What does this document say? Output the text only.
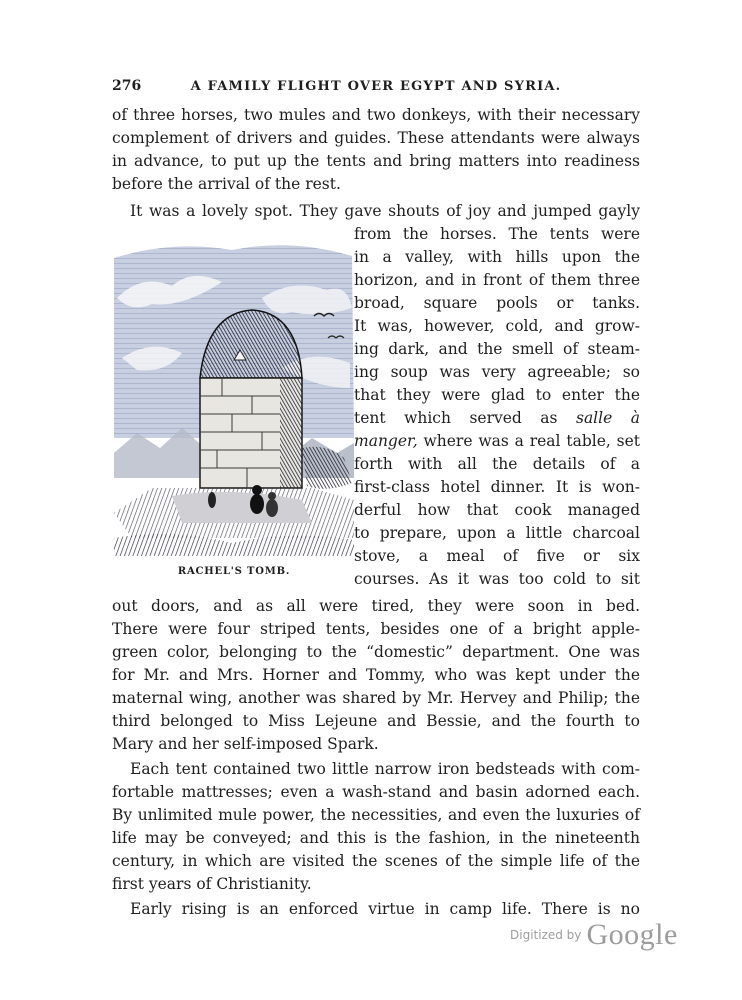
276	A FAMILY FLIGHT OVER EGYPT AND SYRIA.
of three horses, two mules and two donkeys, with their necessary
complement of drivers and guides. These attendants were always
in advance, to put up the tents and bring matters into readiness
before the arrival of the rest.
It was a lovely spot. They gave shouts of joy and jumped gayly
RACHEL'S TOMB.
from the horses. The tents were
in a valley, with hills upon the
horizon, and in front of them three
broad, square pools or tanks.
It was, however, cold, and grow-
ing dark, and the smell of steam-
ing soup was very agreeable; so
that they were glad to enter the
tent which served as salle à
manger, where was a real table, set
forth with all the details of a
first-class hotel dinner. It is won-
derful how that cook managed
to prepare, upon a little charcoal
stove, a meal of five or six
courses. As it was too cold to sit
out doors, and as all were tired, they were soon in bed.
There were four striped tents, besides one of a bright apple-
green color, belonging to the “domestic” department. One was
for Mr. and Mrs. Horner and Tommy, who was kept under the
maternal wing, another was shared by Mr. Hervey and Philip; the
third belonged to Miss Lejeune and Bessie, and the fourth to
Mary and her self-imposed Spark.
Each tent contained two little narrow iron bedsteads with com-
fortable mattresses; even a wash-stand and basin adorned each.
By unlimited mule power, the necessities, and even the luxuries of
life may be conveyed; and this is the fashion, in the nineteenth
century, in which are visited the scenes of the simple life of the
first years of Christianity.
Early rising is an enforced virtue in camp life. There is no
Digitized by Google
